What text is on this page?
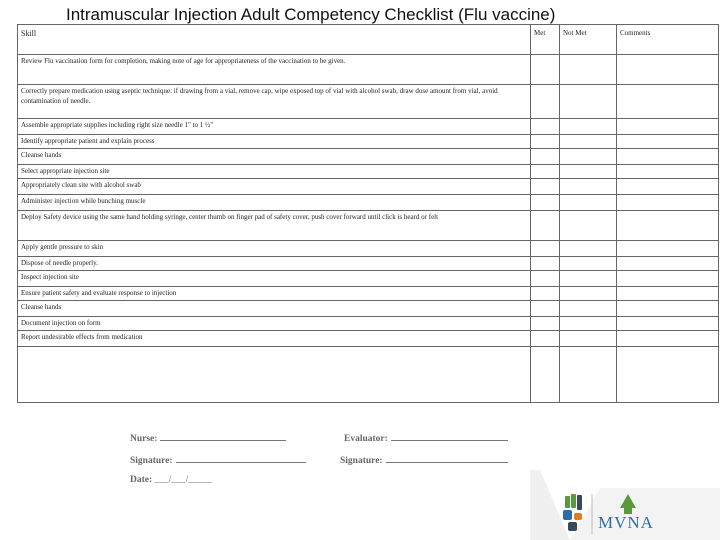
Intramuscular Injection Adult Competency Checklist (Flu vaccine)
Skill	Met	Not Met	Comments
Review Flu vaccination form for completion, making note of age for appropriateness of the vaccination to be given.			
Correctly prepare medication using aseptic technique: if drawing from a vial, remove cap, wipe exposed top of vial with alcohol swab, draw dose amount from vial, avoid contamination of needle.			
Assemble appropriate supplies including right size needle 1" to 1 ½"			
Identify appropriate patient and explain process			
Cleanse hands			
Select appropriate injection site			
Appropriately clean site with alcohol swab			
Administer injection while bunching muscle			
Deploy Safety device using the same hand holding syringe, center thumb on finger pad of safety cover, push cover forward until click is heard or felt			
Apply gentle pressure to skin			
Dispose of needle properly.			
Inspect injection site			
Ensure patient safety and evaluate response to injection			
Cleanse hands			
Document injection on form			
Report undesirable effects from medication			

Nurse:	Evaluator:
Signature:	Signature:
Date: ___/___/_____
MVNA
